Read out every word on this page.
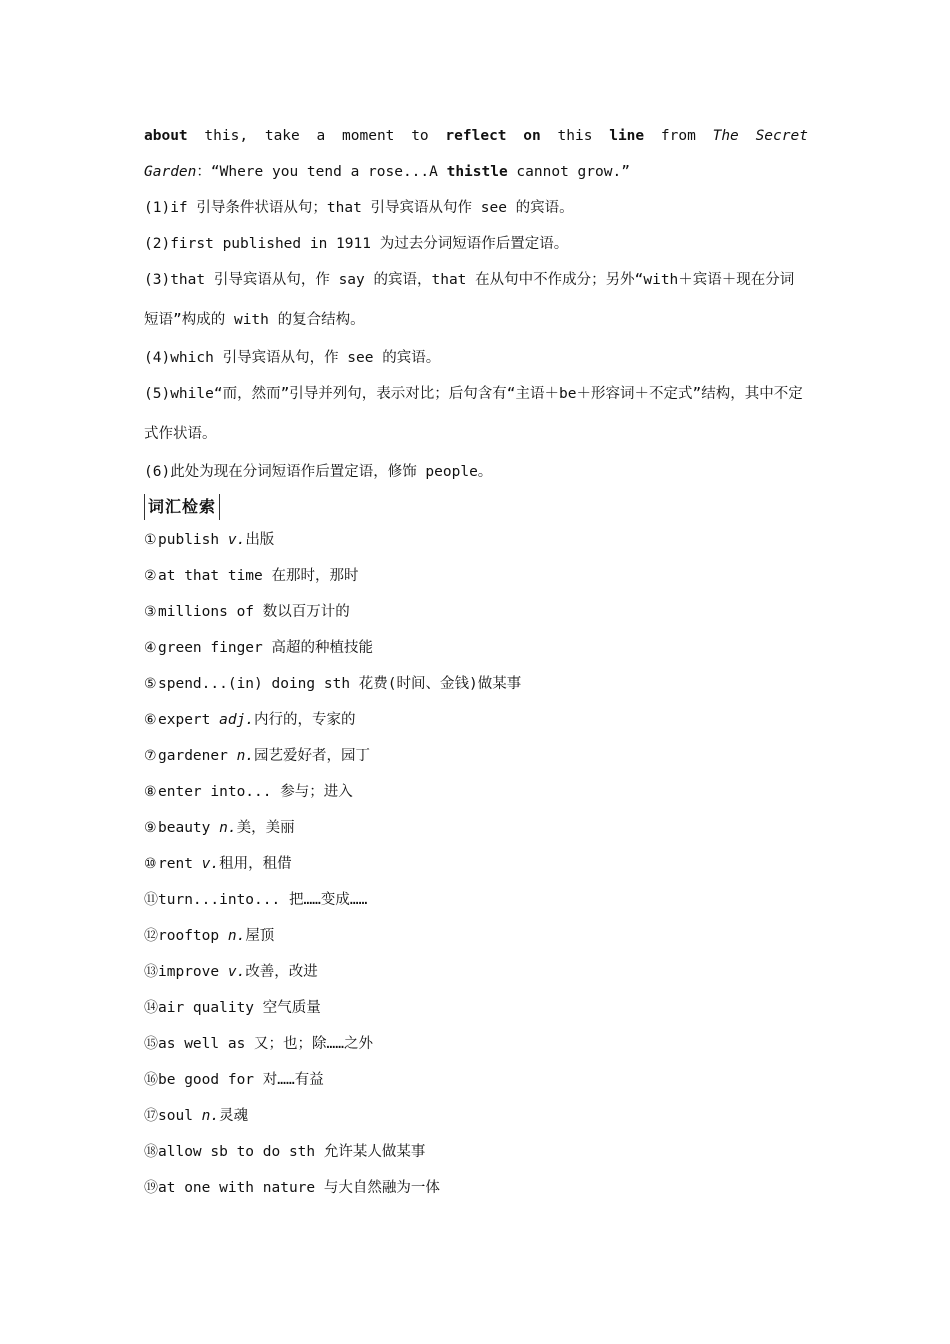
about this, take a moment to reflect on this line from The Secret

Garden：“Where you tend a rose...A thistle cannot grow.”

(1)if 引导条件状语从句；that 引导宾语从句作 see 的宾语。

(2)first published in 1911 为过去分词短语作后置定语。

(3)that 引导宾语从句，作 say 的宾语，that 在从句中不作成分；另外“with＋宾语＋现在分词短语”构成的 with 的复合结构。

(4)which 引导宾语从句，作 see 的宾语。

(5)while“而，然而”引导并列句，表示对比；后句含有“主语＋be＋形容词＋不定式”结构，其中不定式作状语。

(6)此处为现在分词短语作后置定语，修饰 people。

词汇检索
①publish v.出版
②at that time 在那时，那时
③millions of 数以百万计的
④green finger 高超的种植技能
⑤spend...(in) doing sth 花费(时间、金钱)做某事
⑥expert adj.内行的，专家的
⑦gardener n.园艺爱好者，园丁
⑧enter into... 参与；进入
⑨beauty n.美，美丽
⑩rent v.租用，租借
⑪turn...into... 把……变成……
⑫rooftop n.屋顶
⑬improve v.改善，改进
⑭air quality 空气质量
⑮as well as 又；也；除……之外
⑯be good for 对……有益
⑰soul n.灵魂
⑱allow sb to do sth 允许某人做某事
⑲at one with nature 与大自然融为一体
